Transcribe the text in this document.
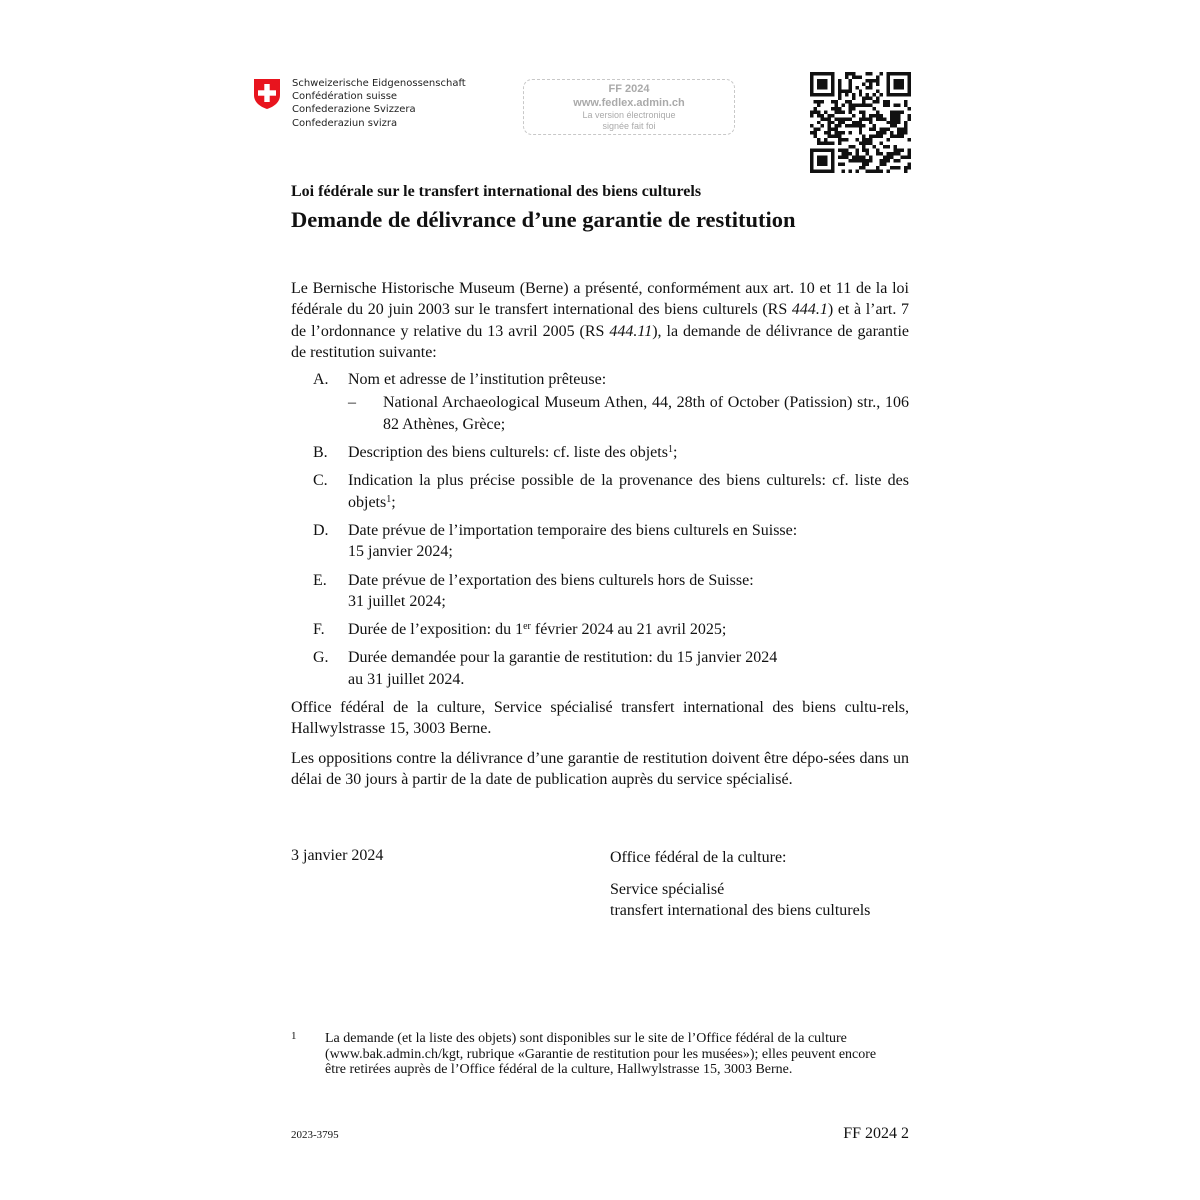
Schweizerische Eidgenossenschaft
Confédération suisse
Confederazione Svizzera
Confederaziun svizra
FF 2024
www.fedlex.admin.ch
La version électronique
signée fait foi
Loi fédérale sur le transfert international des biens culturels
Demande de délivrance d’une garantie de restitution

Le Bernische Historische Museum (Berne) a présenté, conformément aux art. 10 et 11 de la loi fédérale du 20 juin 2003 sur le transfert international des biens culturels (RS 444.1) et à l’art. 7 de l’ordonnance y relative du 13 avril 2005 (RS 444.11), la demande de délivrance de garantie de restitution suivante:

A. Nom et adresse de l’institution prêteuse:
– National Archaeological Museum Athen, 44, 28th of October (Patission) str., 106 82 Athènes, Grèce;
B. Description des biens culturels: cf. liste des objets$^1$;
C. Indication la plus précise possible de la provenance des biens culturels: cf. liste des objets$^1$;
D. Date prévue de l’importation temporaire des biens culturels en Suisse:
15 janvier 2024;
E. Date prévue de l’exportation des biens culturels hors de Suisse:
31 juillet 2024;
F. Durée de l’exposition: du 1er février 2024 au 21 avril 2025;
G. Durée demandée pour la garantie de restitution: du 15 janvier 2024
au 31 juillet 2024.

Office fédéral de la culture, Service spécialisé transfert international des biens cultu-rels, Hallwylstrasse 15, 3003 Berne.

Les oppositions contre la délivrance d’une garantie de restitution doivent être dépo-sées dans un délai de 30 jours à partir de la date de publication auprès du service spécialisé.

3 janvier 2024	Office fédéral de la culture:
Service spécialisé
transfert international des biens culturels
1 La demande (et la liste des objets) sont disponibles sur le site de l’Office fédéral de la culture (www.bak.admin.ch/kgt, rubrique «Garantie de restitution pour les musées»); elles peuvent encore être retirées auprès de l’Office fédéral de la culture, Hallwylstrasse 15, 3003 Berne.
2023-3795	FF 2024 2
